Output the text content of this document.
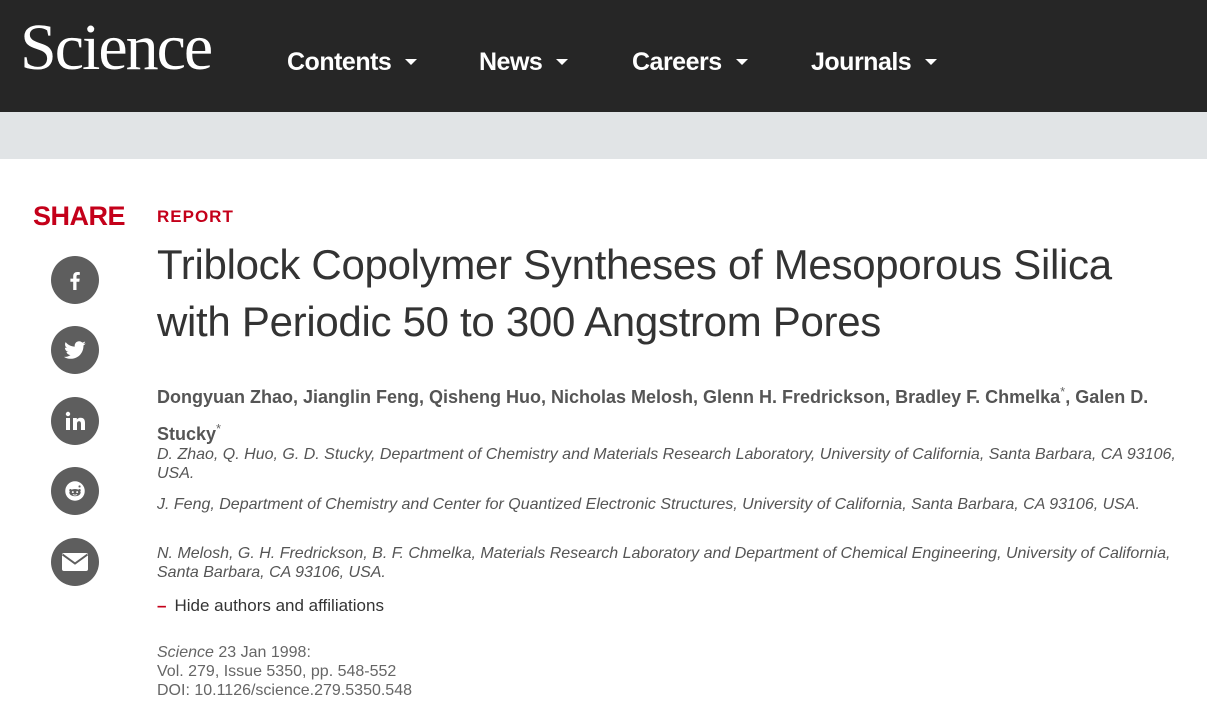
Science	Contents	News	Careers	Journals
SHARE REPORT
Triblock Copolymer Syntheses of Mesoporous Silica with Periodic 50 to 300 Angstrom Pores
Dongyuan Zhao, Jianglin Feng, Qisheng Huo, Nicholas Melosh, Glenn H. Fredrickson, Bradley F. Chmelka*, Galen D.
Stucky*
D. Zhao, Q. Huo, G. D. Stucky, Department of Chemistry and Materials Research Laboratory, University of California, Santa Barbara, CA 93106, USA.
J. Feng, Department of Chemistry and Center for Quantized Electronic Structures, University of California, Santa Barbara, CA 93106, USA.
N. Melosh, G. H. Fredrickson, B. F. Chmelka, Materials Research Laboratory and Department of Chemical Engineering, University of California, Santa Barbara, CA 93106, USA.
– Hide authors and affiliations
Science 23 Jan 1998:
Vol. 279, Issue 5350, pp. 548-552
DOI: 10.1126/science.279.5350.548
